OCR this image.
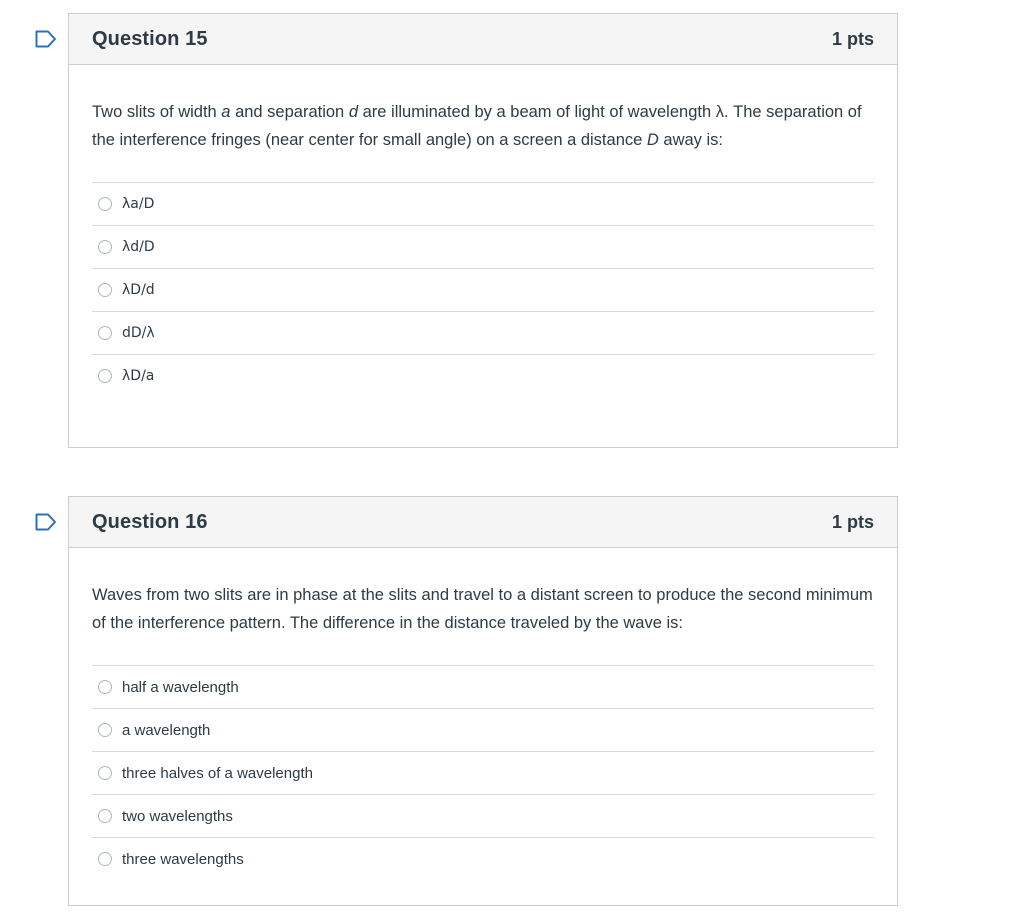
Question 15	1 pts

Two slits of width a and separation d are illuminated by a beam of light of wavelength λ. The separation of the interference fringes (near center for small angle) on a screen a distance D away is:

λa/D
λd/D
λD/d
dD/λ
λD/a
Question 16	1 pts

Waves from two slits are in phase at the slits and travel to a distant screen to produce the second minimum of the interference pattern. The difference in the distance traveled by the wave is:

half a wavelength
a wavelength
three halves of a wavelength
two wavelengths
three wavelengths
